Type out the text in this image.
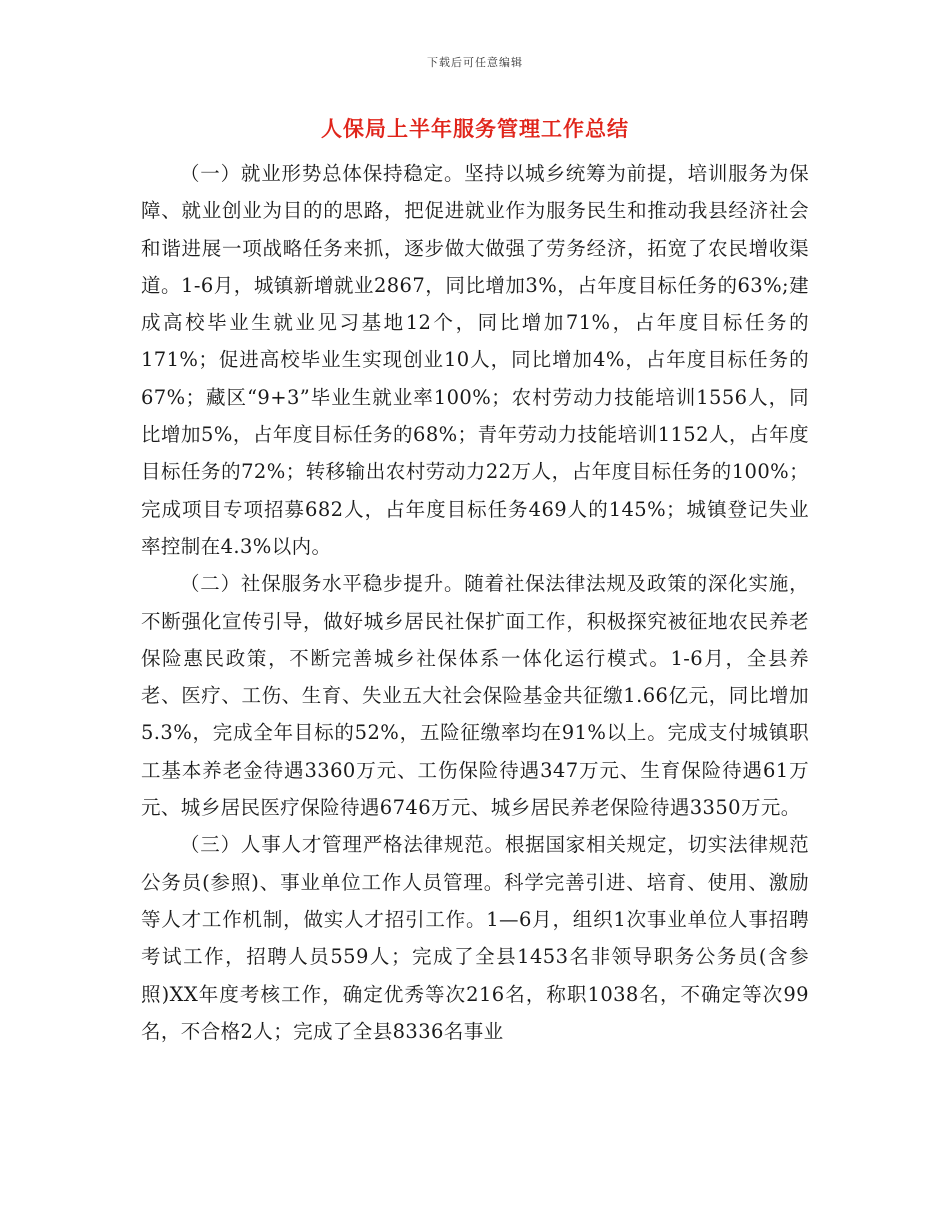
下载后可任意编辑
人保局上半年服务管理工作总结

（一）就业形势总体保持稳定。坚持以城乡统筹为前提，培训服务为保障、就业创业为目的的思路，把促进就业作为服务民生和推动我县经济社会和谐进展一项战略任务来抓，逐步做大做强了劳务经济，拓宽了农民增收渠道。1-6月，城镇新增就业2867，同比增加3%，占年度目标任务的63%;建成高校毕业生就业见习基地12个，同比增加71%，占年度目标任务的171%；促进高校毕业生实现创业10人，同比增加4%，占年度目标任务的67%；藏区“9+3”毕业生就业率100%；农村劳动力技能培训1556人，同比增加5%，占年度目标任务的68%；青年劳动力技能培训1152人，占年度目标任务的72%；转移输出农村劳动力22万人，占年度目标任务的100%；完成项目专项招募682人，占年度目标任务469人的145%；城镇登记失业率控制在4.3%以内。

（二）社保服务水平稳步提升。随着社保法律法规及政策的深化实施，不断强化宣传引导，做好城乡居民社保扩面工作，积极探究被征地农民养老保险惠民政策，不断完善城乡社保体系一体化运行模式。1-6月，全县养老、医疗、工伤、生育、失业五大社会保险基金共征缴1.66亿元，同比增加5.3%，完成全年目标的52%，五险征缴率均在91%以上。完成支付城镇职工基本养老金待遇3360万元、工伤保险待遇347万元、生育保险待遇61万元、城乡居民医疗保险待遇6746万元、城乡居民养老保险待遇3350万元。

（三）人事人才管理严格法律规范。根据国家相关规定，切实法律规范公务员(参照)、事业单位工作人员管理。科学完善引进、培育、使用、激励等人才工作机制，做实人才招引工作。1—6月，组织1次事业单位人事招聘考试工作，招聘人员559人；完成了全县1453名非领导职务公务员(含参照)XX年度考核工作，确定优秀等次216名，称职1038名，不确定等次99名，不合格2人；完成了全县8336名事业
